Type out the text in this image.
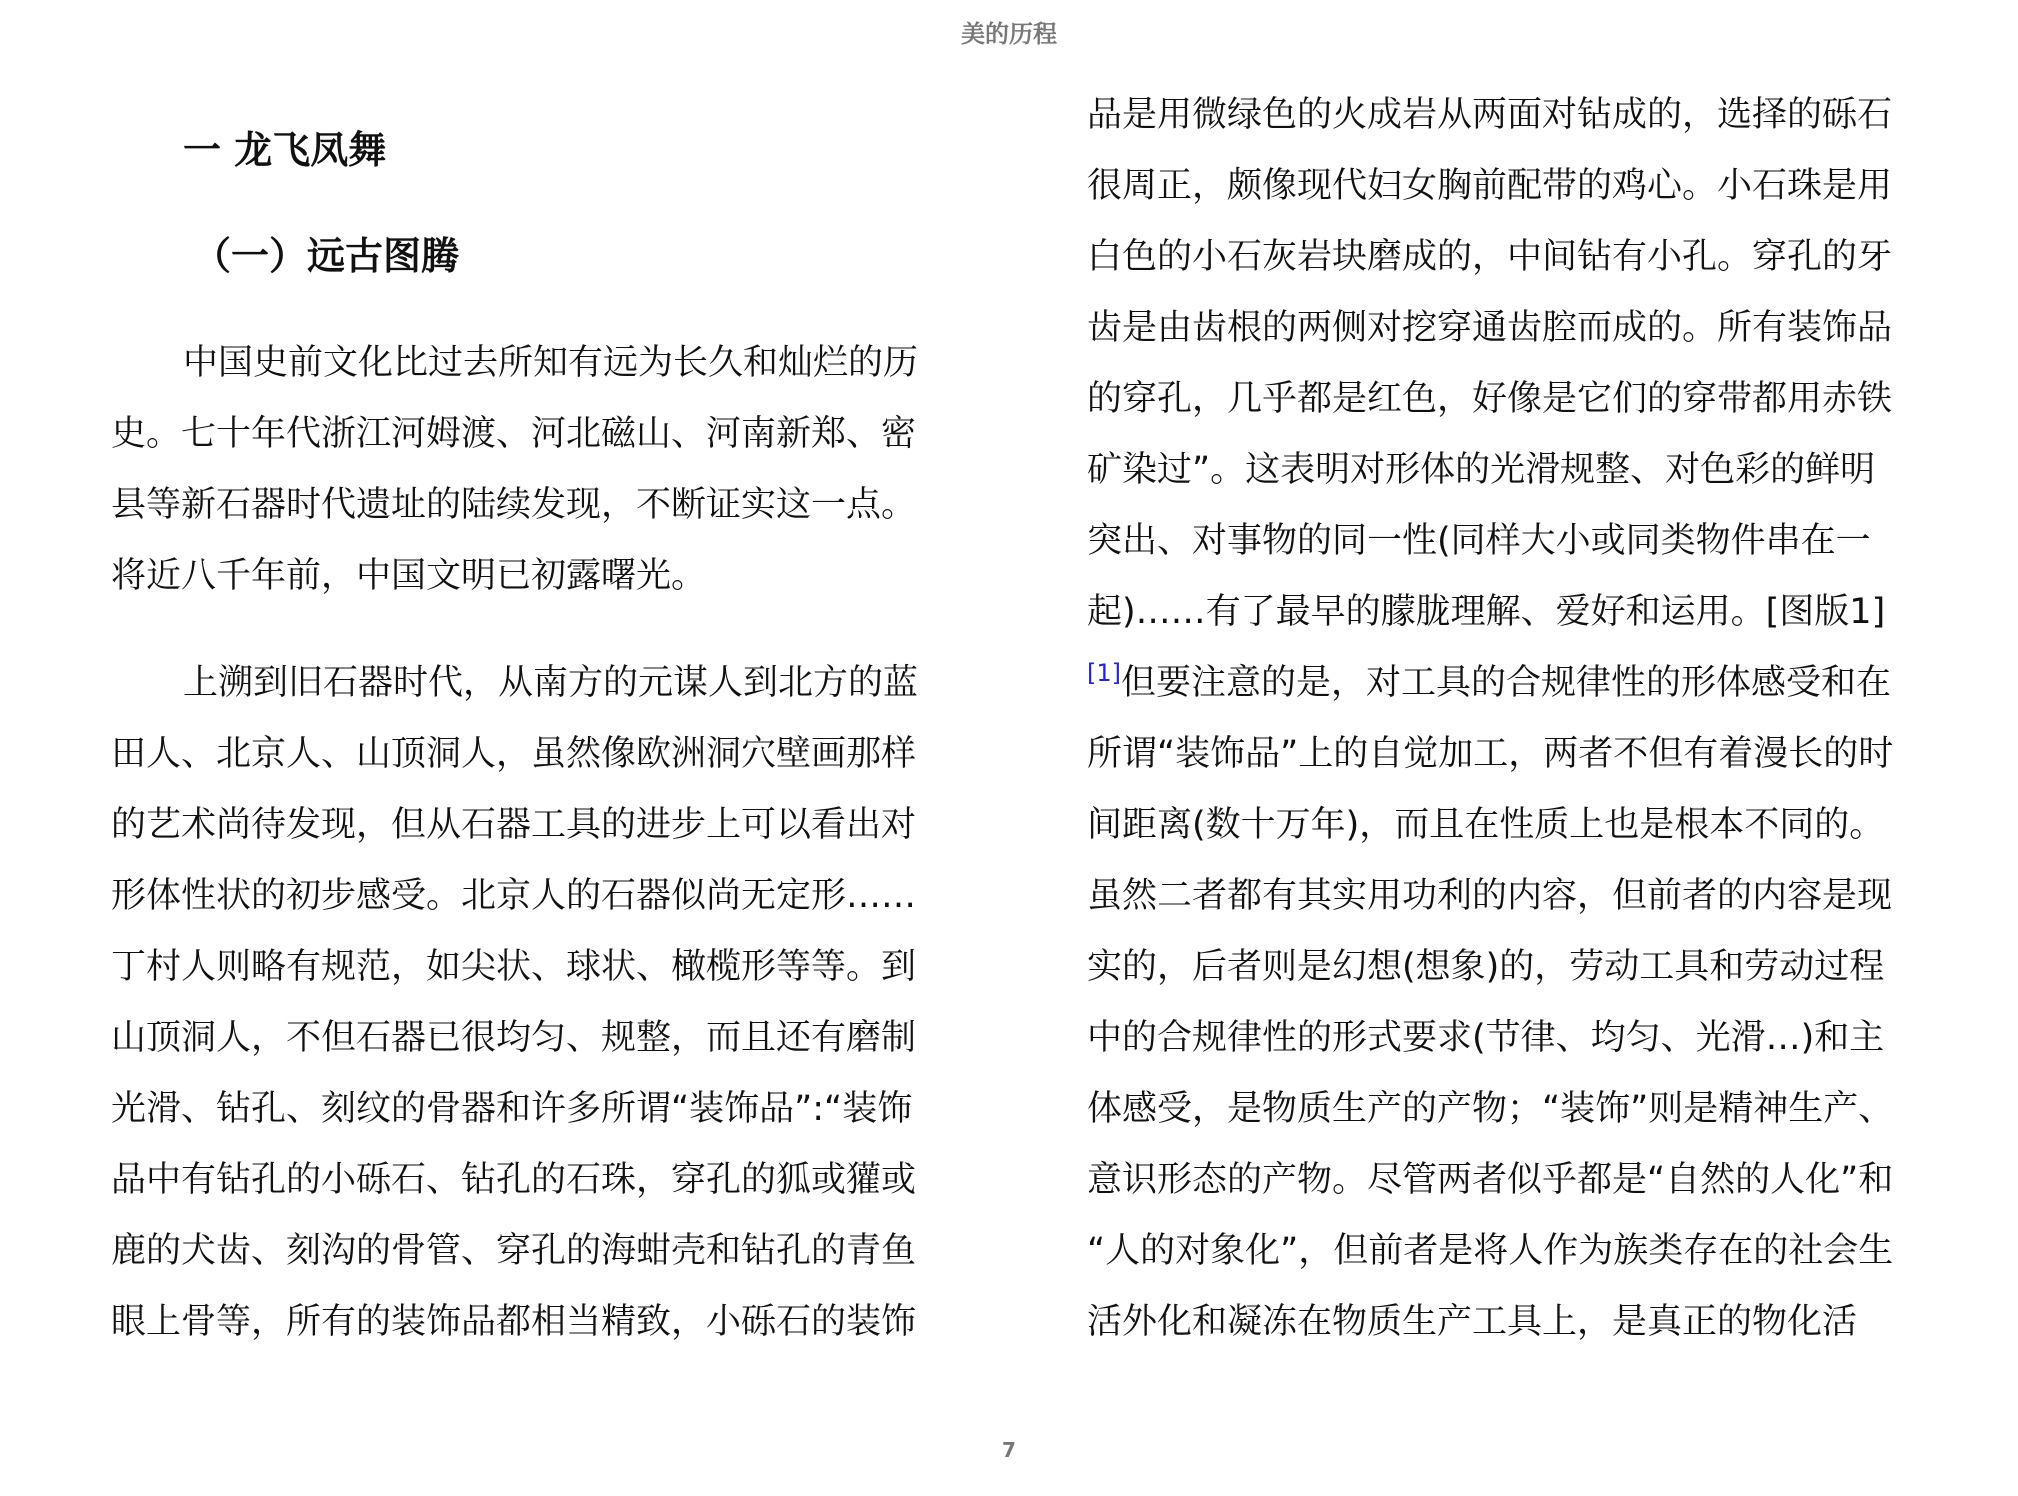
美的历程
一 龙飞凤舞
（一）远古图腾
中国史前文化比过去所知有远为长久和灿烂的历
史。七十年代浙江河姆渡、河北磁山、河南新郑、密
县等新石器时代遗址的陆续发现，不断证实这一点。
将近八千年前，中国文明已初露曙光。
上溯到旧石器时代，从南方的元谋人到北方的蓝
田人、北京人、山顶洞人，虽然像欧洲洞穴壁画那样
的艺术尚待发现，但从石器工具的进步上可以看出对
形体性状的初步感受。北京人的石器似尚无定形……
丁村人则略有规范，如尖状、球状、橄榄形等等。到
山顶洞人，不但石器已很均匀、规整，而且还有磨制
光滑、钻孔、刻纹的骨器和许多所谓“装饰品”:“装饰
品中有钻孔的小砾石、钻孔的石珠，穿孔的狐或獾或
鹿的犬齿、刻沟的骨管、穿孔的海蚶壳和钻孔的青鱼
眼上骨等，所有的装饰品都相当精致，小砾石的装饰
品是用微绿色的火成岩从两面对钻成的，选择的砾石
很周正，颇像现代妇女胸前配带的鸡心。小石珠是用
白色的小石灰岩块磨成的，中间钻有小孔。穿孔的牙
齿是由齿根的两侧对挖穿通齿腔而成的。所有装饰品
的穿孔，几乎都是红色，好像是它们的穿带都用赤铁
矿染过”。这表明对形体的光滑规整、对色彩的鲜明
突出、对事物的同一性(同样大小或同类物件串在一
起)……有了最早的朦胧理解、爱好和运用。[图版1]
[1]但要注意的是，对工具的合规律性的形体感受和在
所谓“装饰品”上的自觉加工，两者不但有着漫长的时
间距离(数十万年)，而且在性质上也是根本不同的。
虽然二者都有其实用功利的内容，但前者的内容是现
实的，后者则是幻想(想象)的，劳动工具和劳动过程
中的合规律性的形式要求(节律、均匀、光滑…)和主
体感受，是物质生产的产物；“装饰”则是精神生产、
意识形态的产物。尽管两者似乎都是“自然的人化”和
“人的对象化”，但前者是将人作为族类存在的社会生
活外化和凝冻在物质生产工具上，是真正的物化活
7
